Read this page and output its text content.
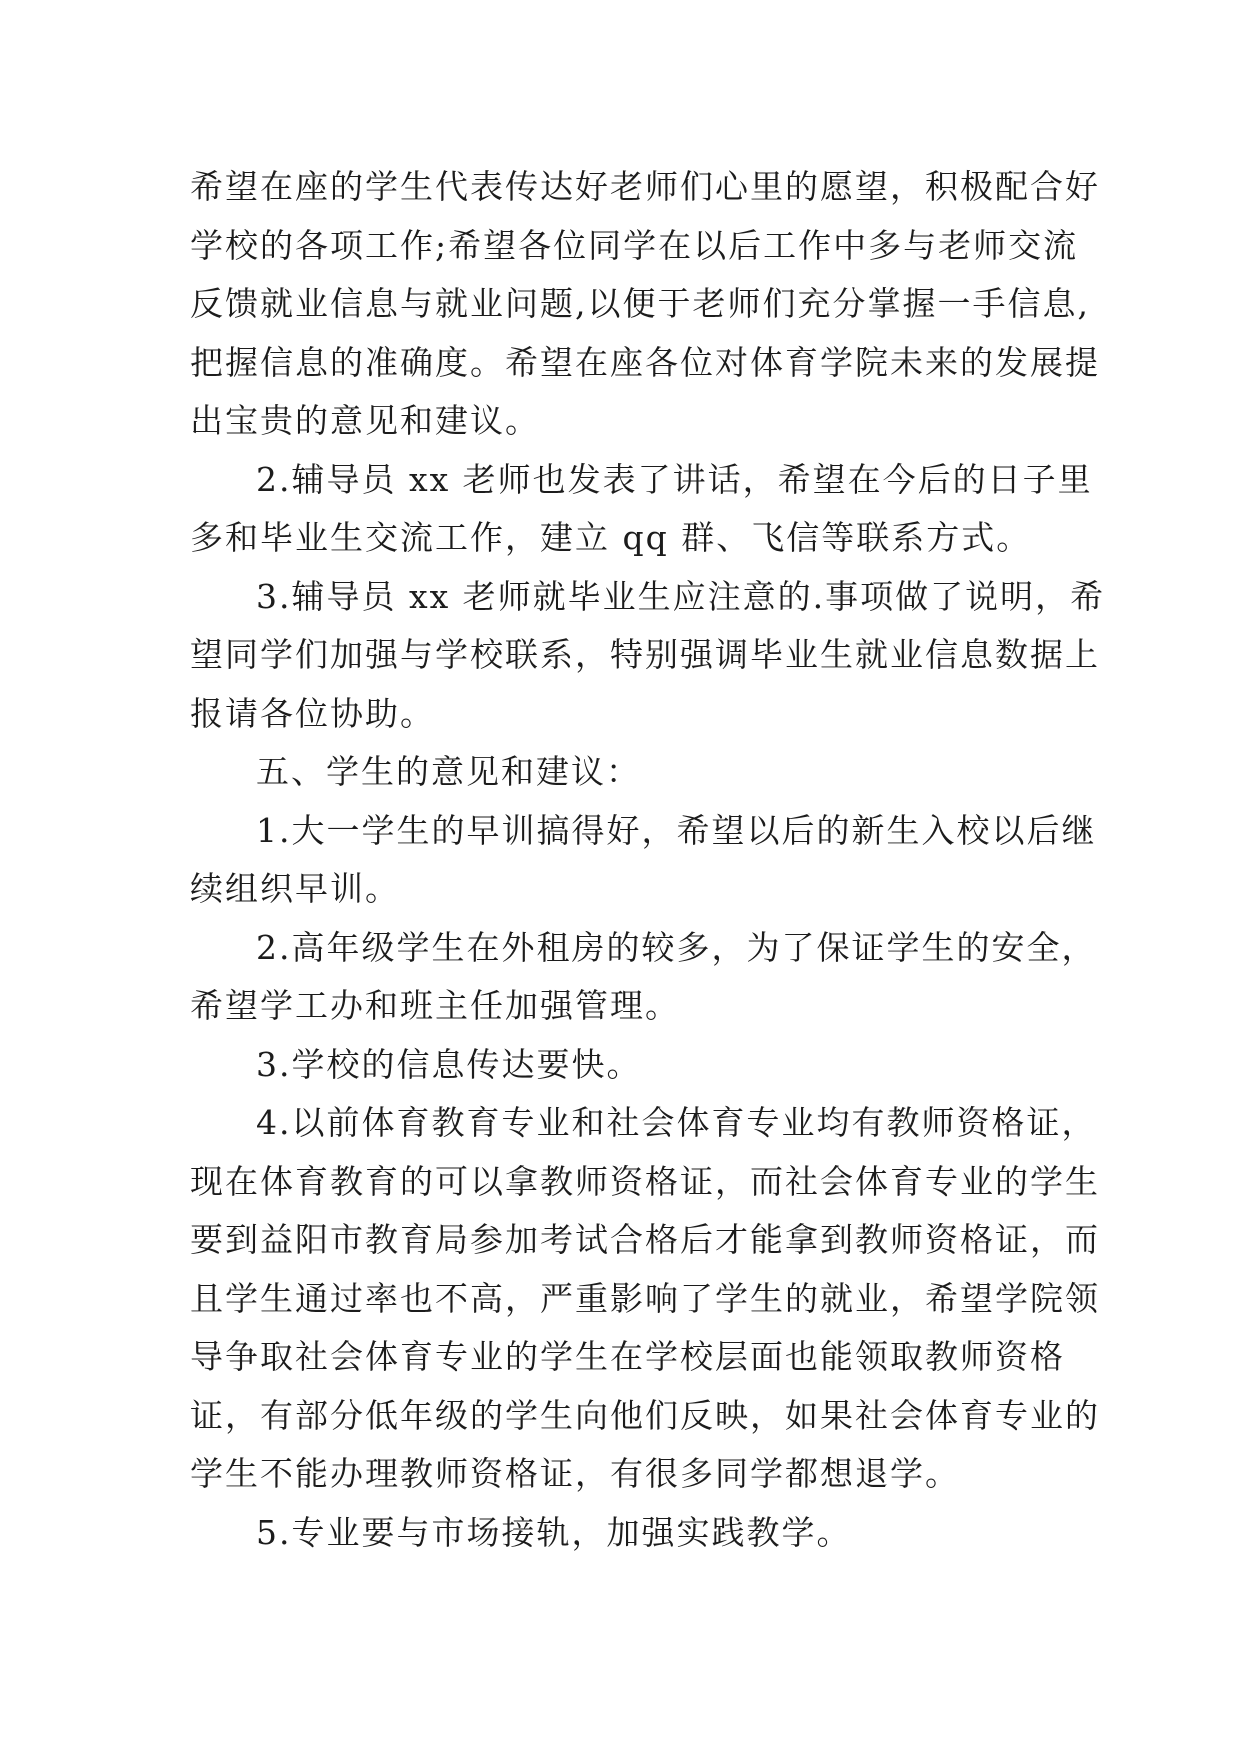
希望在座的学生代表传达好老师们心里的愿望，积极配合好
学校的各项工作;希望各位同学在以后工作中多与老师交流
反馈就业信息与就业问题,以便于老师们充分掌握一手信息,
把握信息的准确度。希望在座各位对体育学院未来的发展提
出宝贵的意见和建议。
2.辅导员 xx 老师也发表了讲话，希望在今后的日子里
多和毕业生交流工作，建立 qq 群、飞信等联系方式。
3.辅导员 xx 老师就毕业生应注意的.事项做了说明，希
望同学们加强与学校联系，特别强调毕业生就业信息数据上
报请各位协助。
五、学生的意见和建议：
1.大一学生的早训搞得好，希望以后的新生入校以后继
续组织早训。
2.高年级学生在外租房的较多，为了保证学生的安全，
希望学工办和班主任加强管理。
3.学校的信息传达要快。
4.以前体育教育专业和社会体育专业均有教师资格证，
现在体育教育的可以拿教师资格证，而社会体育专业的学生
要到益阳市教育局参加考试合格后才能拿到教师资格证，而
且学生通过率也不高，严重影响了学生的就业，希望学院领
导争取社会体育专业的学生在学校层面也能领取教师资格
证，有部分低年级的学生向他们反映，如果社会体育专业的
学生不能办理教师资格证，有很多同学都想退学。
5.专业要与市场接轨，加强实践教学。
